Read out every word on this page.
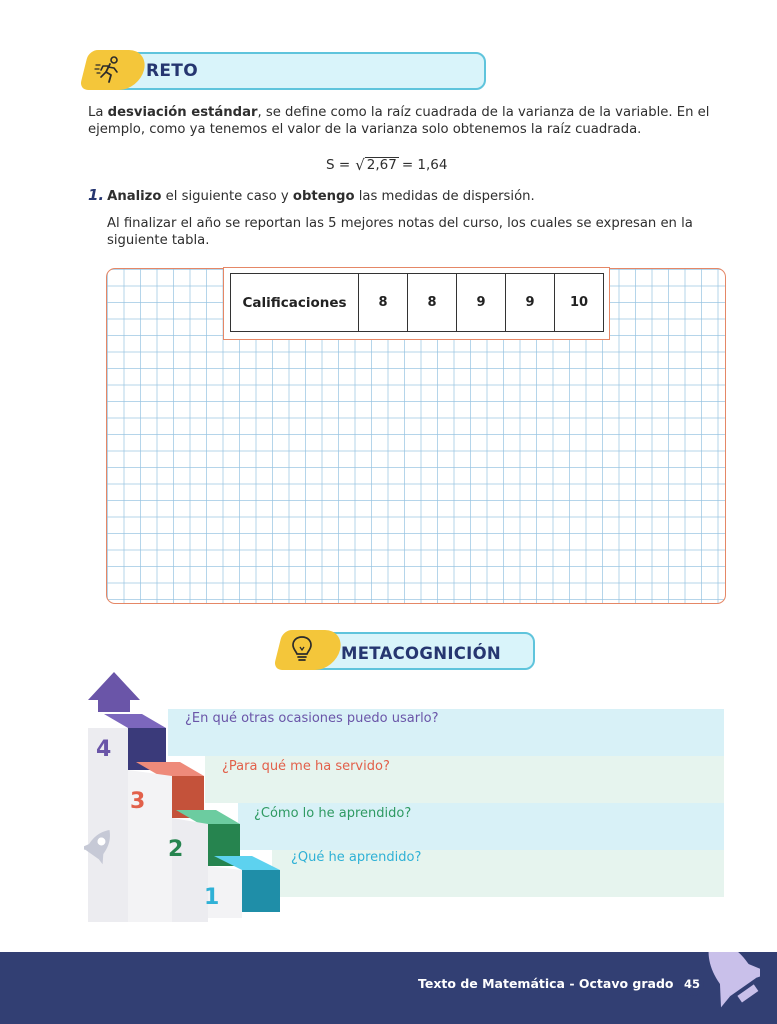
RETO
La desviación estándar, se define como la raíz cuadrada de la varianza de la variable. En el ejemplo, como ya tenemos el valor de la varianza solo obtenemos la raíz cuadrada.
S = √ 2,67 = 1,64
1. Analizo el siguiente caso y obtengo las medidas de dispersión.
Al finalizar el año se reportan las 5 mejores notas del curso, los cuales se expresan en la siguiente tabla.
Calificaciones	8	8	9	9	10
METACOGNICIÓN
¿En qué otras ocasiones puedo usarlo?
¿Para qué me ha servido?
¿Cómo lo he aprendido?
¿Qué he aprendido?
4
3
2
1
Texto de Matemática - Octavo grado 45
